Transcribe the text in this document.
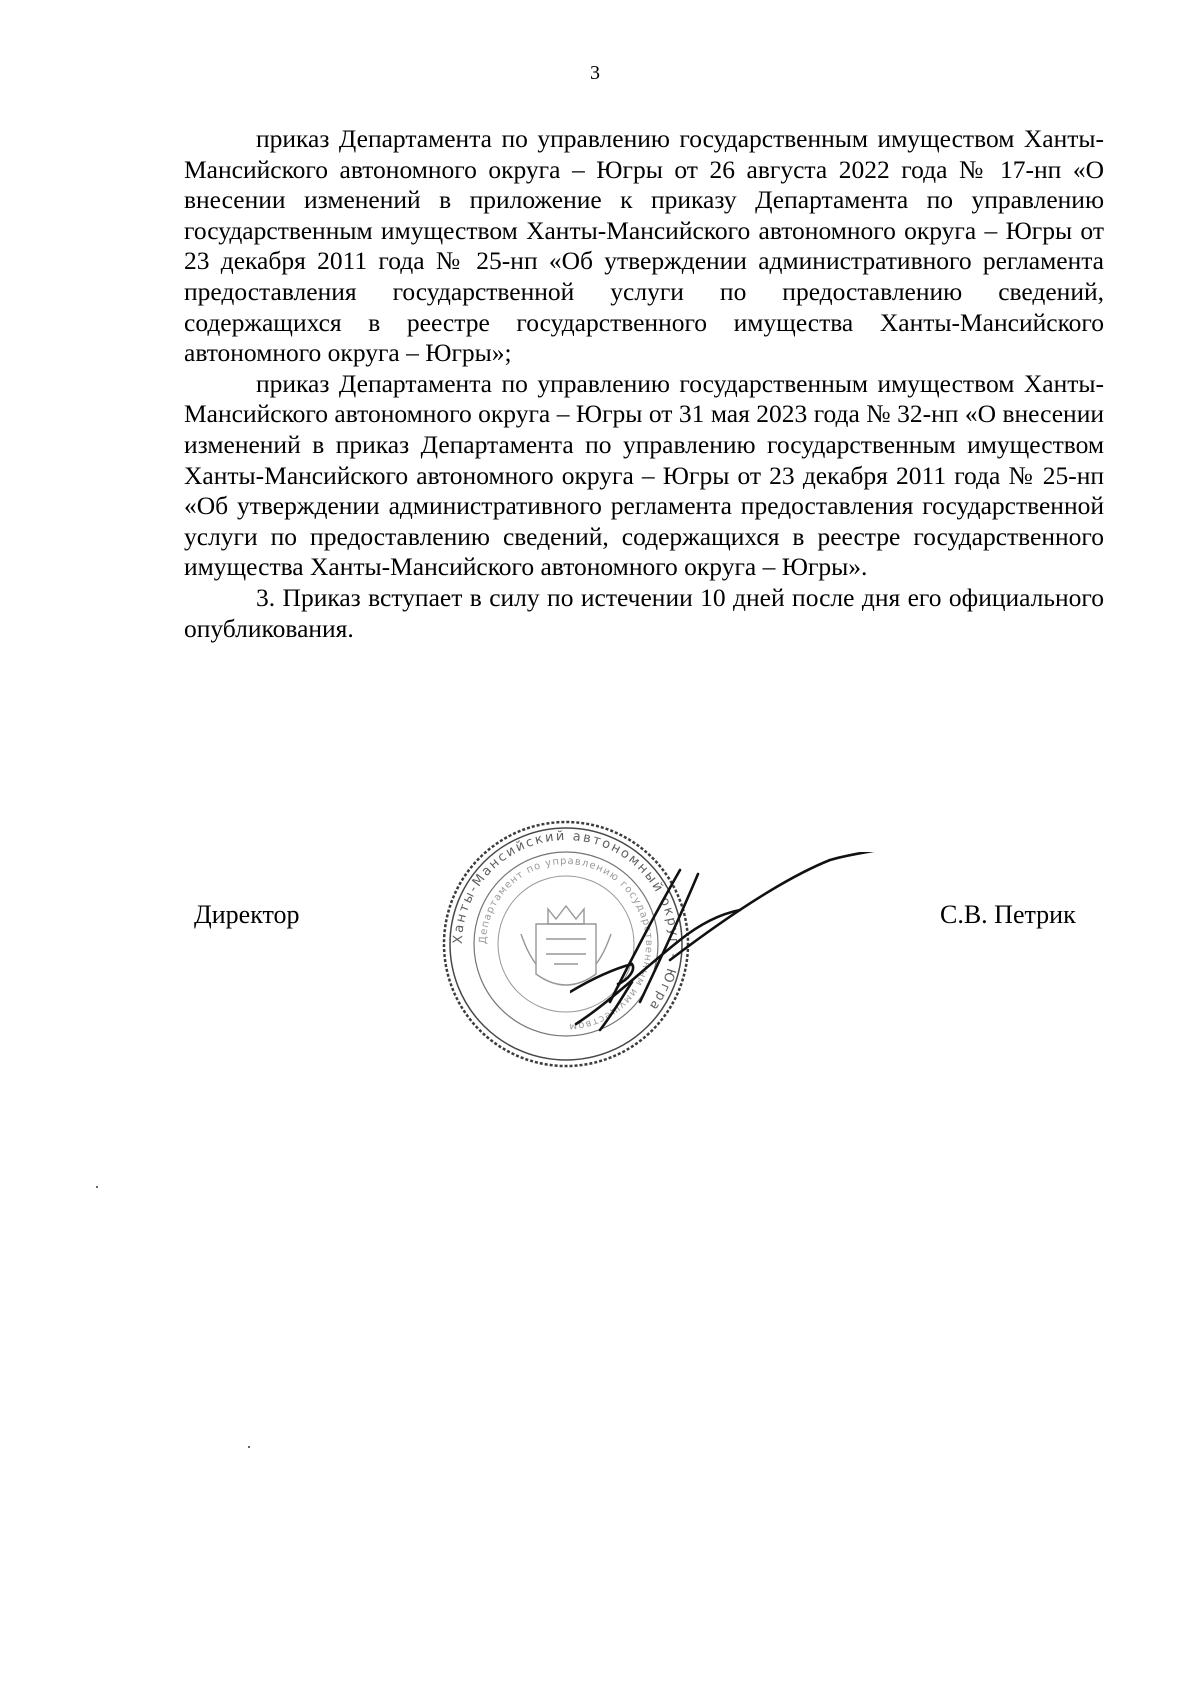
3

приказ Департамента по управлению государственным имуществом Ханты-Мансийского автономного округа – Югры от 26 августа 2022 года № 17-нп «О внесении изменений в приложение к приказу Департамента по управлению государственным имуществом Ханты-Мансийского автономного округа – Югры от 23 декабря 2011 года № 25-нп «Об утверждении административного регламента предоставления государственной услуги по предоставлению сведений, содержащихся в реестре государственного имущества Ханты-Мансийского автономного округа – Югры»;

приказ Департамента по управлению государственным имуществом Ханты-Мансийского автономного округа – Югры от 31 мая 2023 года № 32-нп «О внесении изменений в приказ Департамента по управлению государственным имуществом Ханты-Мансийского автономного округа – Югры от 23 декабря 2011 года № 25-нп «Об утверждении административного регламента предоставления государственной услуги по предоставлению сведений, содержащихся в реестре государственного имущества Ханты-Мансийского автономного округа – Югры».

3. Приказ вступает в силу по истечении 10 дней после дня его официального опубликования.

Директор
Ханты-Мансийский автономный округ – Югра
Департамент по управлению государственным имуществом
С.В. Петрик
